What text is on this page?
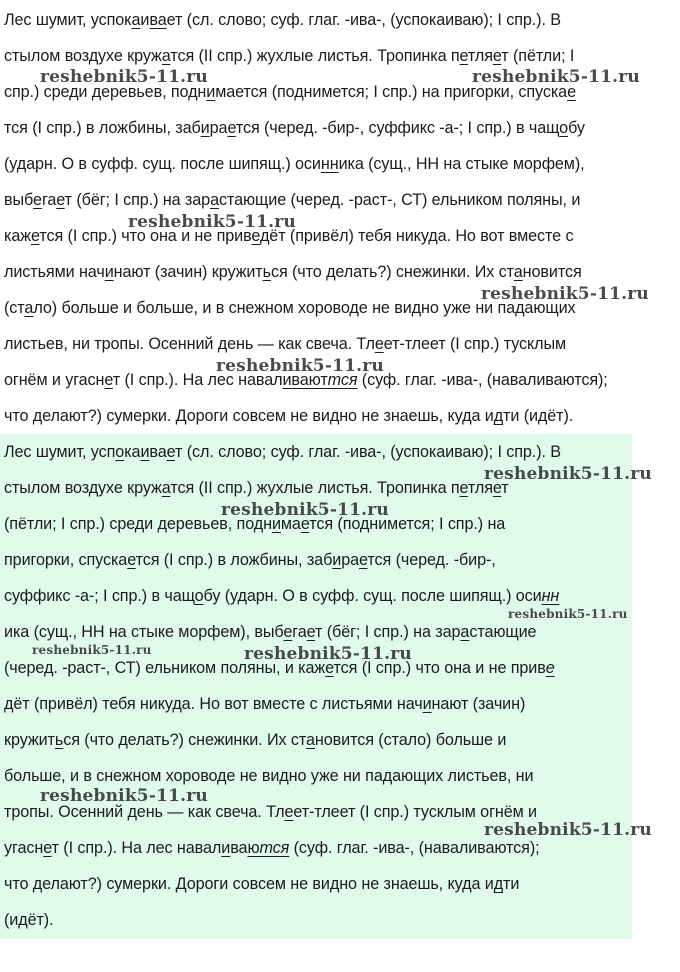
Лес шумит, успокаивает (сл. слово; суф. глаг. -ива-, (успокаиваю); I спр.). В
стылом воздухе кружатся (II спр.) жухлые листья. Тропинка петляет (пётли; I
спр.) среди деревьев, поднимается (поднимется; I спр.) на пригорки, спускае
тся (I спр.) в ложбины, забирается (черед. -бир-, суффикс -а-; I спр.) в чащобу
(ударн. О в суфф. сущ. после шипящ.) осинника (сущ., НН на стыке морфем),
выбегает (бёг; I спр.) на зарастающие (черед. -раст-, СТ) ельником поляны, и
кажется (I спр.) что она и не приведёт (привёл) тебя никуда. Но вот вместе с
листьями начинают (зачин) кружиться (что делать?) снежинки. Их становится
(стало) больше и больше, и в снежном хороводе не видно уже ни падающих
листьев, ни тропы. Осенний день — как свеча. Тлеет-тлеет (I спр.) тусклым
огнём и угаснет (I спр.). На лес наваливаюттся (суф. глаг. -ива-, (наваливаются);
что делают?) сумерки. Дороги совсем не видно не знаешь, куда идти (идёт).
Лес шумит, успокаивает (сл. слово; суф. глаг. -ива-, (успокаиваю); I спр.). В
стылом воздухе кружатся (II спр.) жухлые листья. Тропинка петляет
(пётли; I спр.) среди деревьев, поднимается (поднимется; I спр.) на
пригорки, спускается (I спр.) в ложбины, забирается (черед. -бир-,
суффикс -а-; I спр.) в чащобу (ударн. О в суфф. сущ. после шипящ.) осинн
ика (сущ., НН на стыке морфем), выбегает (бёг; I спр.) на зарастающие
(черед. -раст-, СТ) ельником поляны, и кажется (I спр.) что она и не приве
дёт (привёл) тебя никуда. Но вот вместе с листьями начинают (зачин)
кружиться (что делать?) снежинки. Их становится (стало) больше и
больше, и в снежном хороводе не видно уже ни падающих листьев, ни
тропы. Осенний день — как свеча. Тлеет-тлеет (I спр.) тусклым огнём и
угаснет (I спр.). На лес наваливаются (суф. глаг. -ива-, (наваливаются);
что делают?) сумерки. Дороги совсем не видно не знаешь, куда идти
(идёт).
reshebnik5-11.ru	reshebnik5-11.ru
reshebnik5-11.ru
reshebnik5-11.ru
reshebnik5-11.ru
reshebnik5-11.ru
reshebnik5-11.ru
reshebnik5-11.ru
reshebnik5-11.ru	reshebnik5-11.ru
reshebnik5-11.ru
reshebnik5-11.ru
